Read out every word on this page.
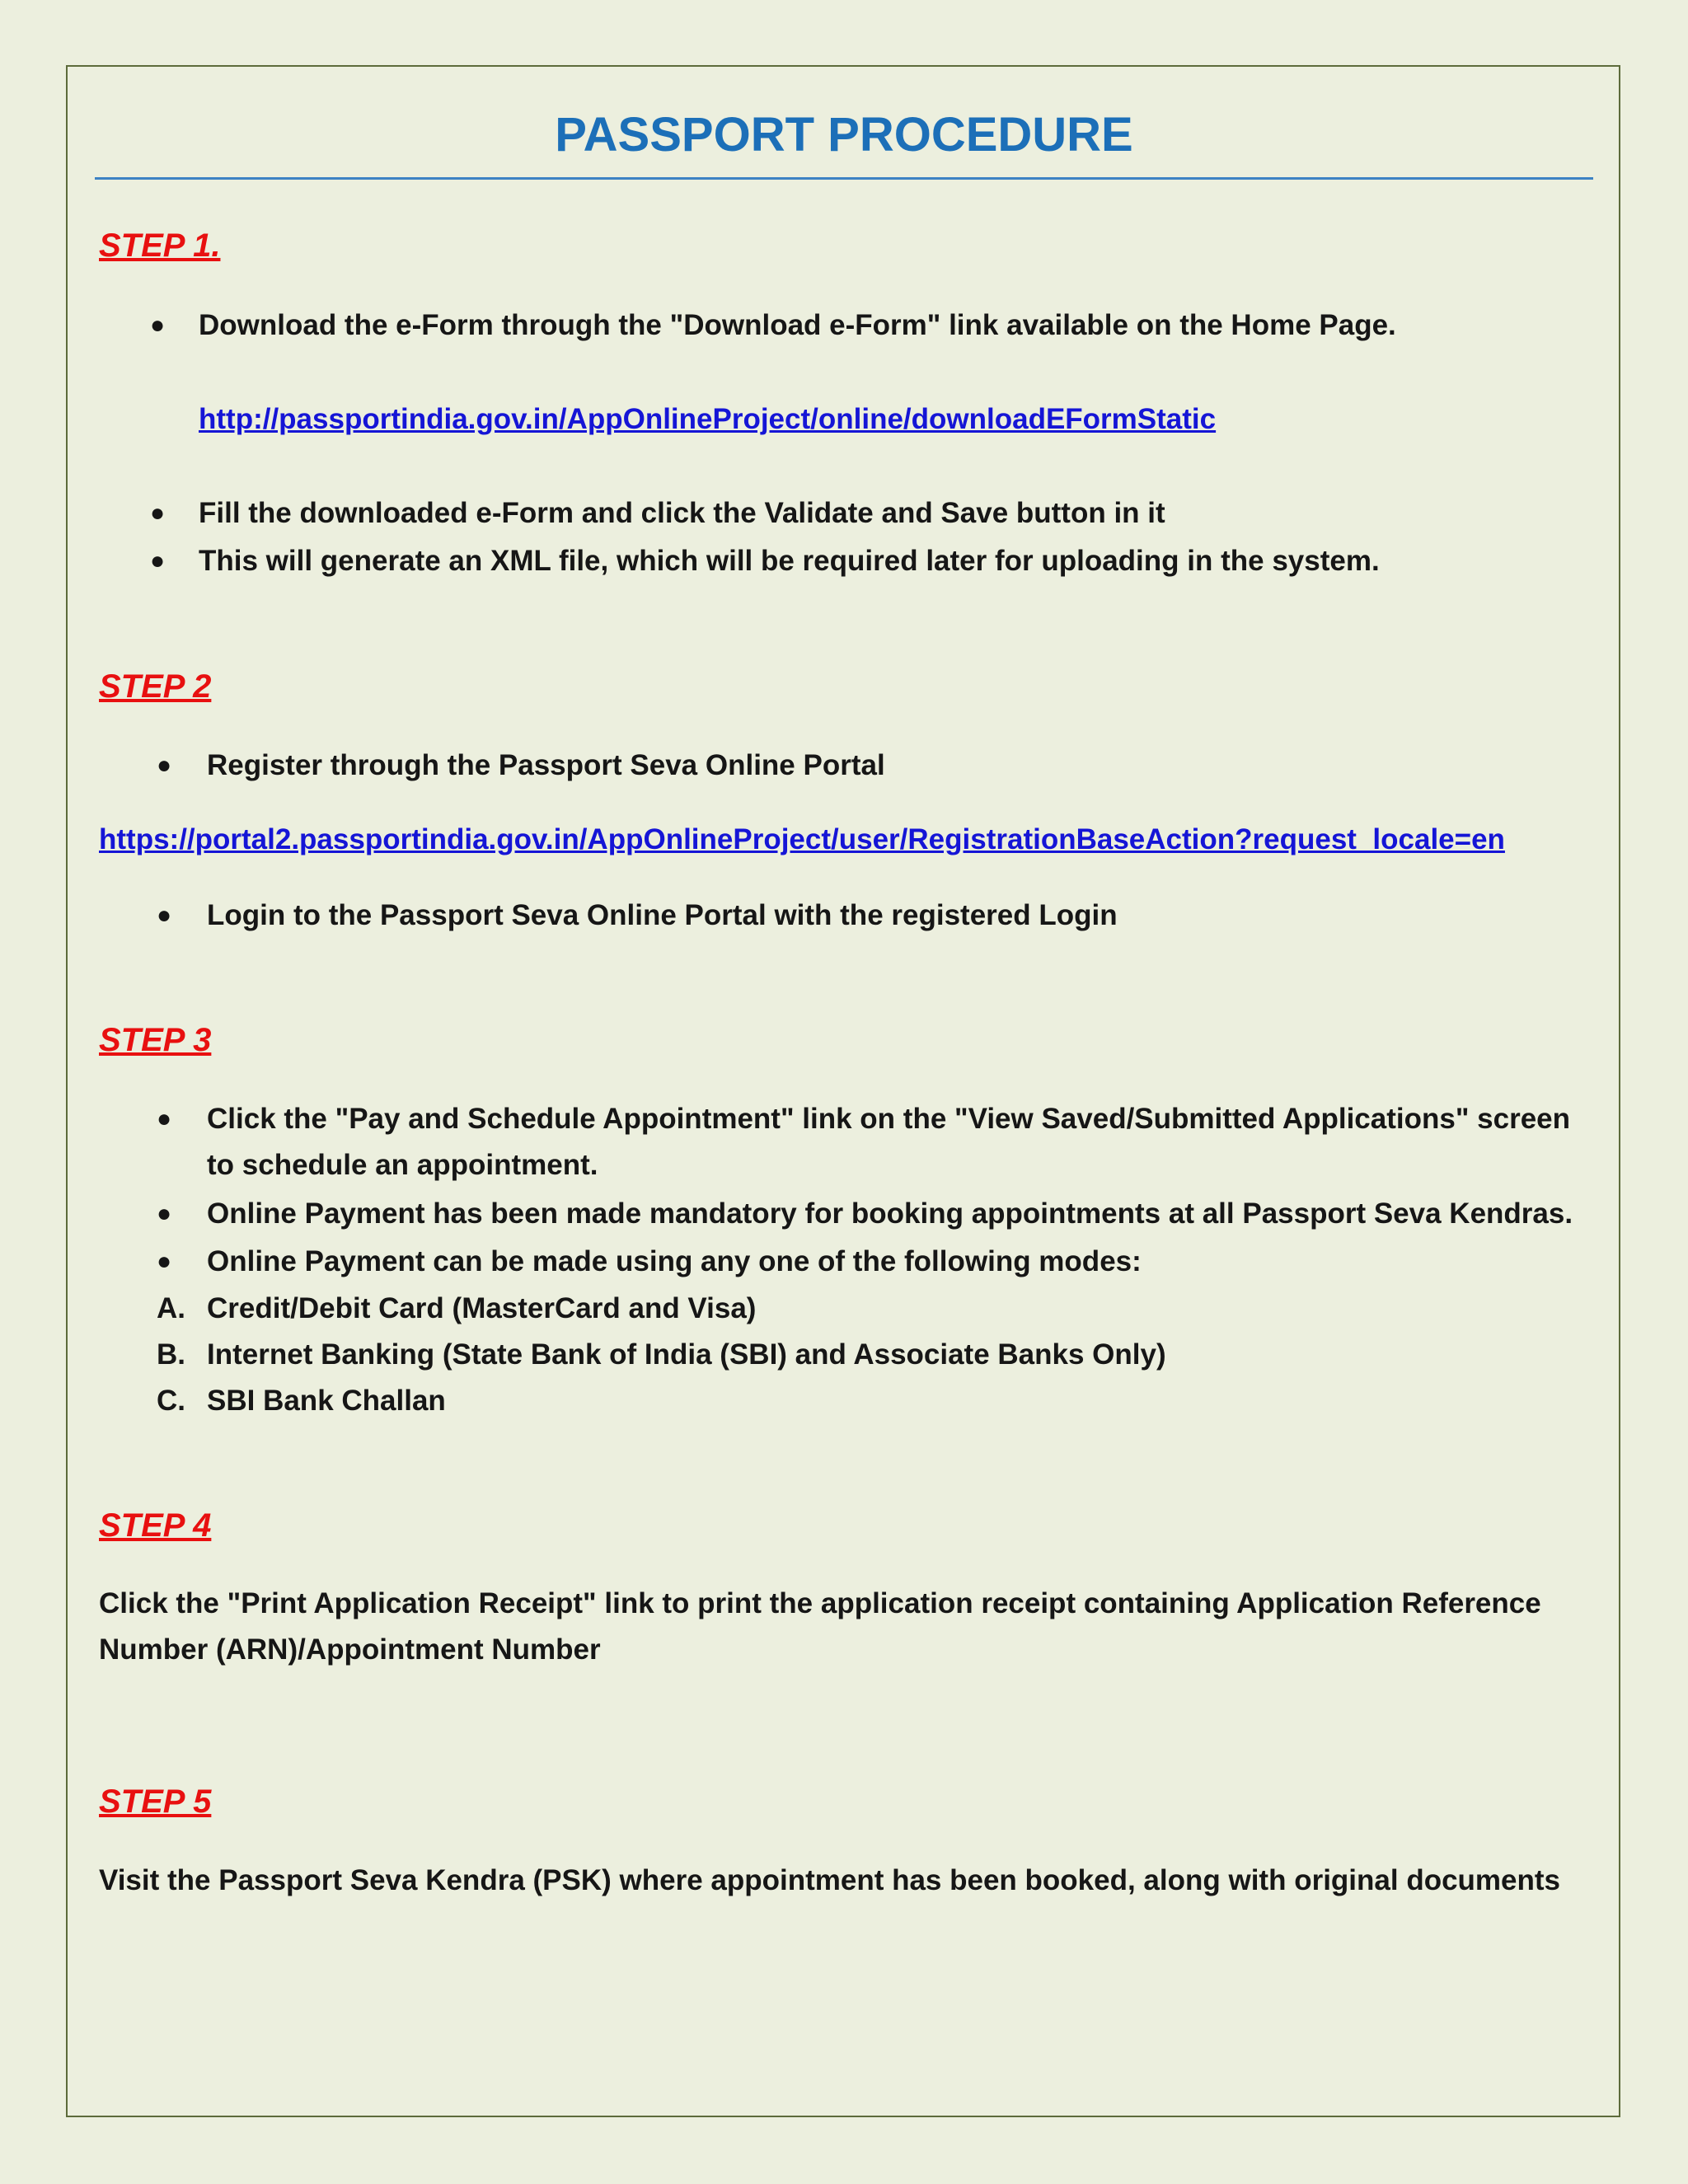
PASSPORT PROCEDURE
STEP 1.
● Download the e-Form through the "Download e-Form" link available on the Home Page.

http://passportindia.gov.in/AppOnlineProject/online/downloadEFormStatic

● Fill the downloaded e-Form and click the Validate and Save button in it

● This will generate an XML file, which will be required later for uploading in the system.

STEP 2
● Register through the Passport Seva Online Portal

https://portal2.passportindia.gov.in/AppOnlineProject/user/RegistrationBaseAction?request_locale=en

● Login to the Passport Seva Online Portal with the registered Login

STEP 3
● Click the "Pay and Schedule Appointment" link on the "View Saved/Submitted Applications" screen to schedule an appointment.

● Online Payment has been made mandatory for booking appointments at all Passport Seva Kendras.

● Online Payment can be made using any one of the following modes:

A. Credit/Debit Card (MasterCard and Visa)

B. Internet Banking (State Bank of India (SBI) and Associate Banks Only)

C. SBI Bank Challan

STEP 4

Click the "Print Application Receipt" link to print the application receipt containing Application Reference Number (ARN)/Appointment Number

STEP 5

Visit the Passport Seva Kendra (PSK) where appointment has been booked, along with original documents
